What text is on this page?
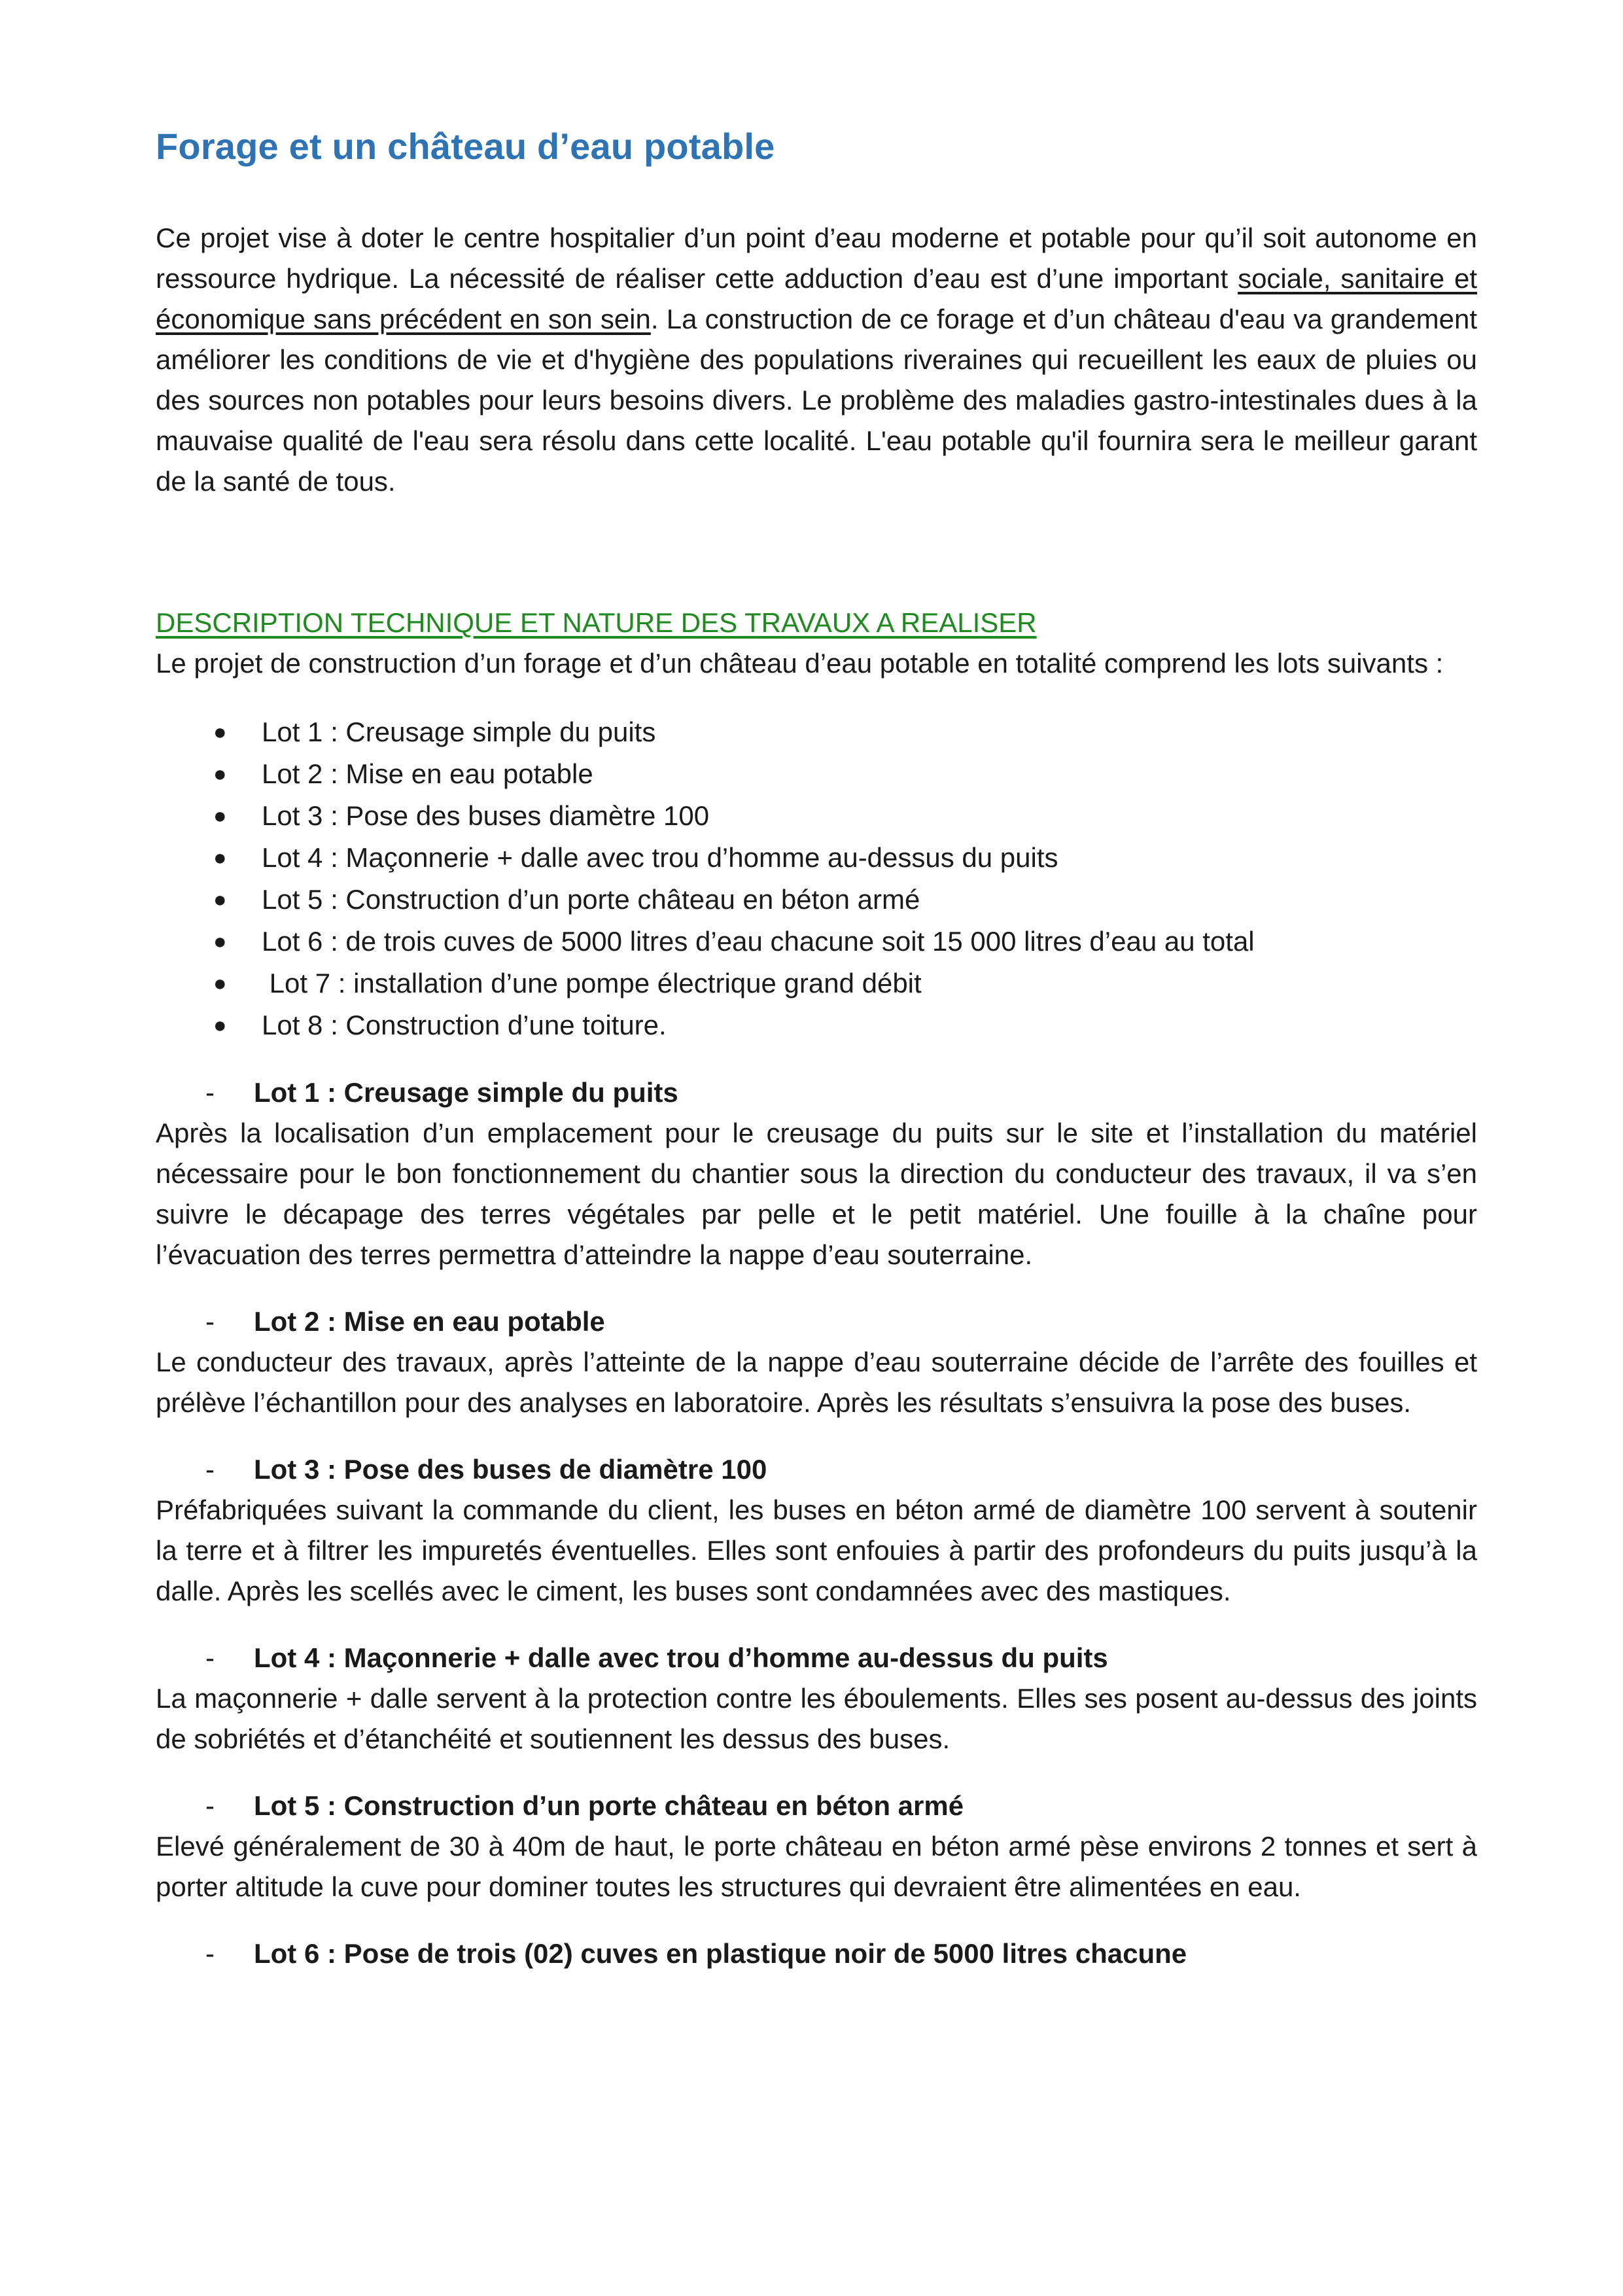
Forage et un château d’eau potable

Ce projet vise à doter le centre hospitalier d’un point d’eau moderne et potable pour qu’il soit autonome en ressource hydrique. La nécessité de réaliser cette adduction d’eau est d’une important sociale, sanitaire et économique sans précédent en son sein. La construction de ce forage et d’un château d'eau va grandement améliorer les conditions de vie et d'hygiène des populations riveraines qui recueillent les eaux de pluies ou des sources non potables pour leurs besoins divers. Le problème des maladies gastro-intestinales dues à la mauvaise qualité de l'eau sera résolu dans cette localité. L'eau potable qu'il fournira sera le meilleur garant de la santé de tous.

DESCRIPTION TECHNIQUE ET NATURE DES TRAVAUX A REALISER

Le projet de construction d’un forage et d’un château d’eau potable en totalité comprend les lots suivants :

● Lot 1 : Creusage simple du puits
● Lot 2 : Mise en eau potable
● Lot 3 : Pose des buses diamètre 100
● Lot 4 : Maçonnerie + dalle avec trou d’homme au-dessus du puits
● Lot 5 : Construction d’un porte château en béton armé
● Lot 6 : de trois cuves de 5000 litres d’eau chacune soit 15 000 litres d’eau au total
● Lot 7 : installation d’une pompe électrique grand débit
● Lot 8 : Construction d’une toiture.

- Lot 1 : Creusage simple du puits

Après la localisation d’un emplacement pour le creusage du puits sur le site et l’installation du matériel nécessaire pour le bon fonctionnement du chantier sous la direction du conducteur des travaux, il va s’en suivre le décapage des terres végétales par pelle et le petit matériel. Une fouille à la chaîne pour l’évacuation des terres permettra d’atteindre la nappe d’eau souterraine.

- Lot 2 : Mise en eau potable

Le conducteur des travaux, après l’atteinte de la nappe d’eau souterraine décide de l’arrête des fouilles et prélève l’échantillon pour des analyses en laboratoire. Après les résultats s’ensuivra la pose des buses.

- Lot 3 : Pose des buses de diamètre 100

Préfabriquées suivant la commande du client, les buses en béton armé de diamètre 100 servent à soutenir la terre et à filtrer les impuretés éventuelles. Elles sont enfouies à partir des profondeurs du puits jusqu’à la dalle. Après les scellés avec le ciment, les buses sont condamnées avec des mastiques.

- Lot 4 : Maçonnerie + dalle avec trou d’homme au-dessus du puits

La maçonnerie + dalle servent à la protection contre les éboulements. Elles ses posent au-dessus des joints de sobriétés et d’étanchéité et soutiennent les dessus des buses.

- Lot 5 : Construction d’un porte château en béton armé

Elevé généralement de 30 à 40m de haut, le porte château en béton armé pèse environs 2 tonnes et sert à porter altitude la cuve pour dominer toutes les structures qui devraient être alimentées en eau.

- Lot 6 : Pose de trois (02) cuves en plastique noir de 5000 litres chacune
